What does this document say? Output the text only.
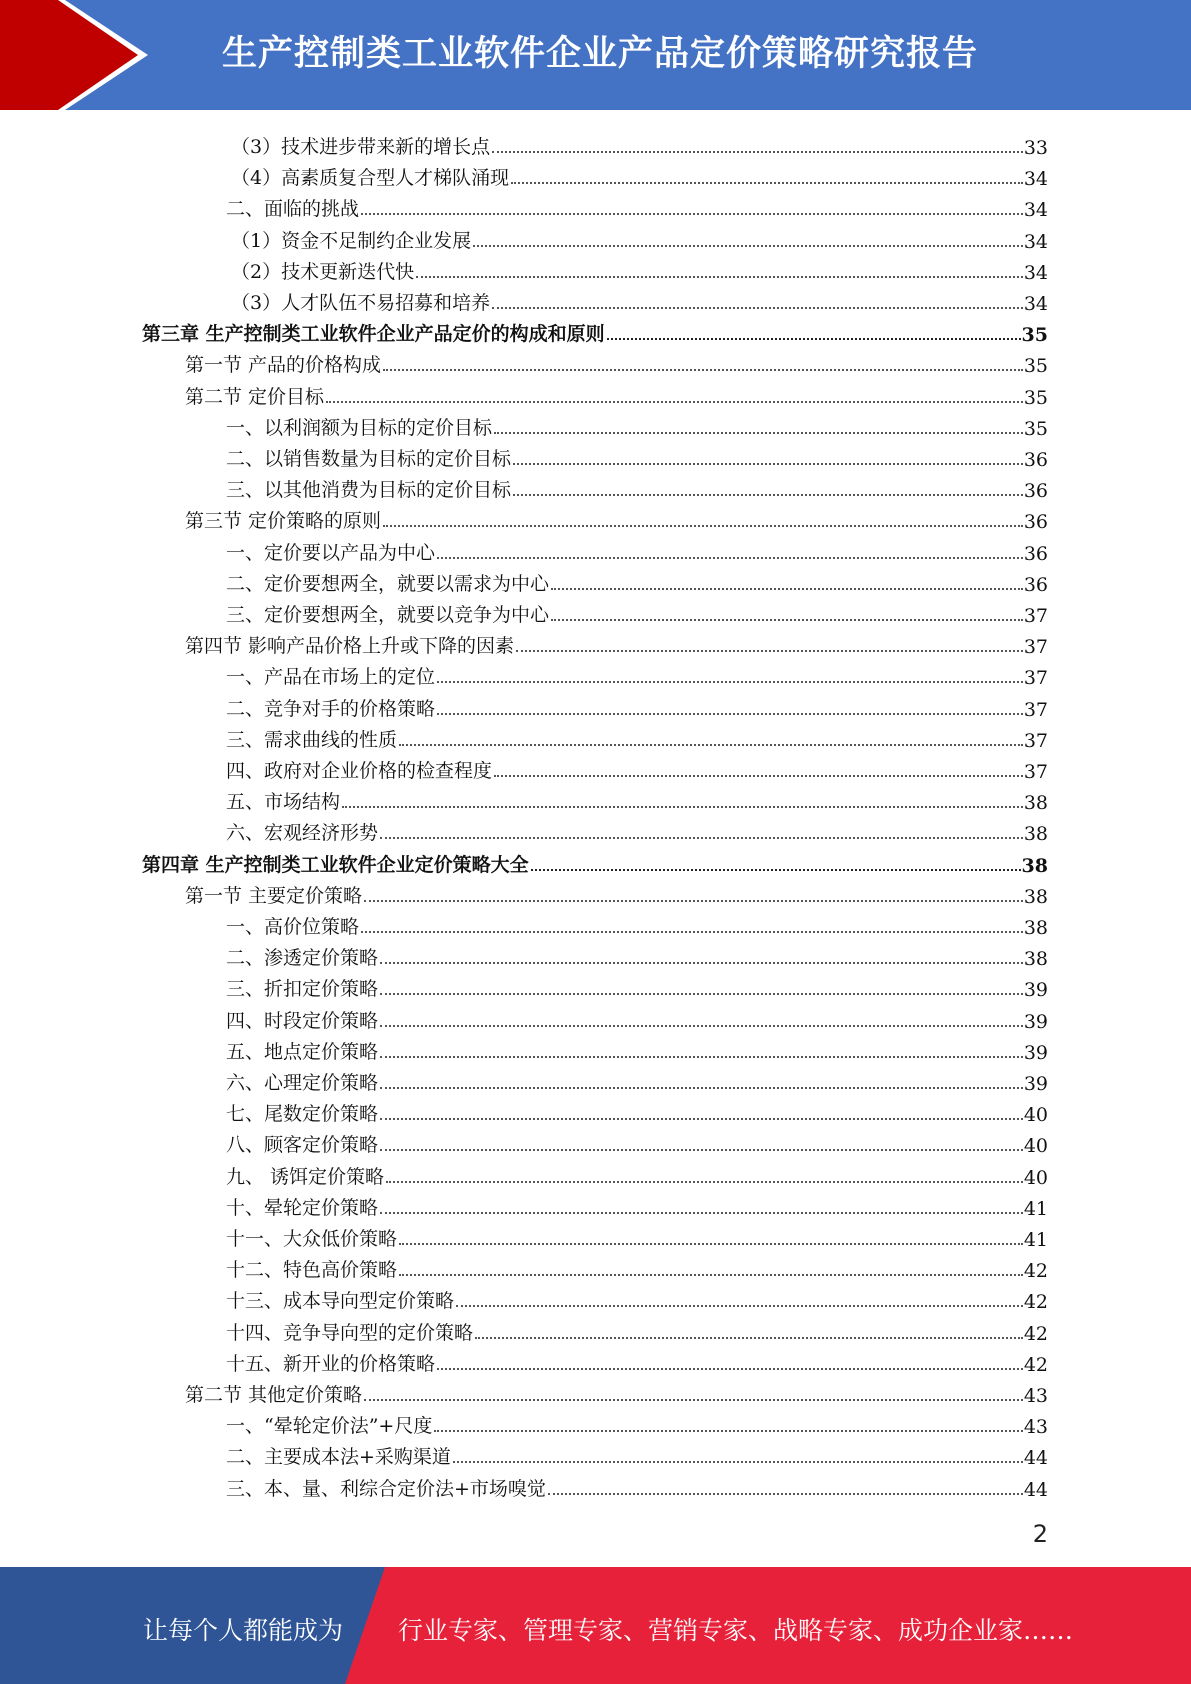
生产控制类工业软件企业产品定价策略研究报告
（3）技术进步带来新的增长点	33
（4）高素质复合型人才梯队涌现	34
二、面临的挑战	34
（1）资金不足制约企业发展	34
（2）技术更新迭代快	34
（3）人才队伍不易招募和培养	34
第三章 生产控制类工业软件企业产品定价的构成和原则	35
第一节 产品的价格构成	35
第二节 定价目标	35
一、以利润额为目标的定价目标	35
二、以销售数量为目标的定价目标	36
三、以其他消费为目标的定价目标	36
第三节 定价策略的原则	36
一、定价要以产品为中心	36
二、定价要想两全，就要以需求为中心	36
三、定价要想两全，就要以竞争为中心	37
第四节 影响产品价格上升或下降的因素	37
一、产品在市场上的定位	37
二、竞争对手的价格策略	37
三、需求曲线的性质	37
四、政府对企业价格的检查程度	37
五、市场结构	38
六、宏观经济形势	38
第四章 生产控制类工业软件企业定价策略大全	38
第一节 主要定价策略	38
一、高价位策略	38
二、渗透定价策略	38
三、折扣定价策略	39
四、时段定价策略	39
五、地点定价策略	39
六、心理定价策略	39
七、尾数定价策略	40
八、顾客定价策略	40
九、 诱饵定价策略	40
十、晕轮定价策略	41
十一、大众低价策略	41
十二、特色高价策略	42
十三、成本导向型定价策略	42
十四、竞争导向型的定价策略	42
十五、新开业的价格策略	42
第二节 其他定价策略	43
一、“晕轮定价法”+尺度	43
二、主要成本法+采购渠道	44
三、本、量、利综合定价法+市场嗅觉	44
2
让每个人都能成为 行业专家、管理专家、营销专家、战略专家、成功企业家……
